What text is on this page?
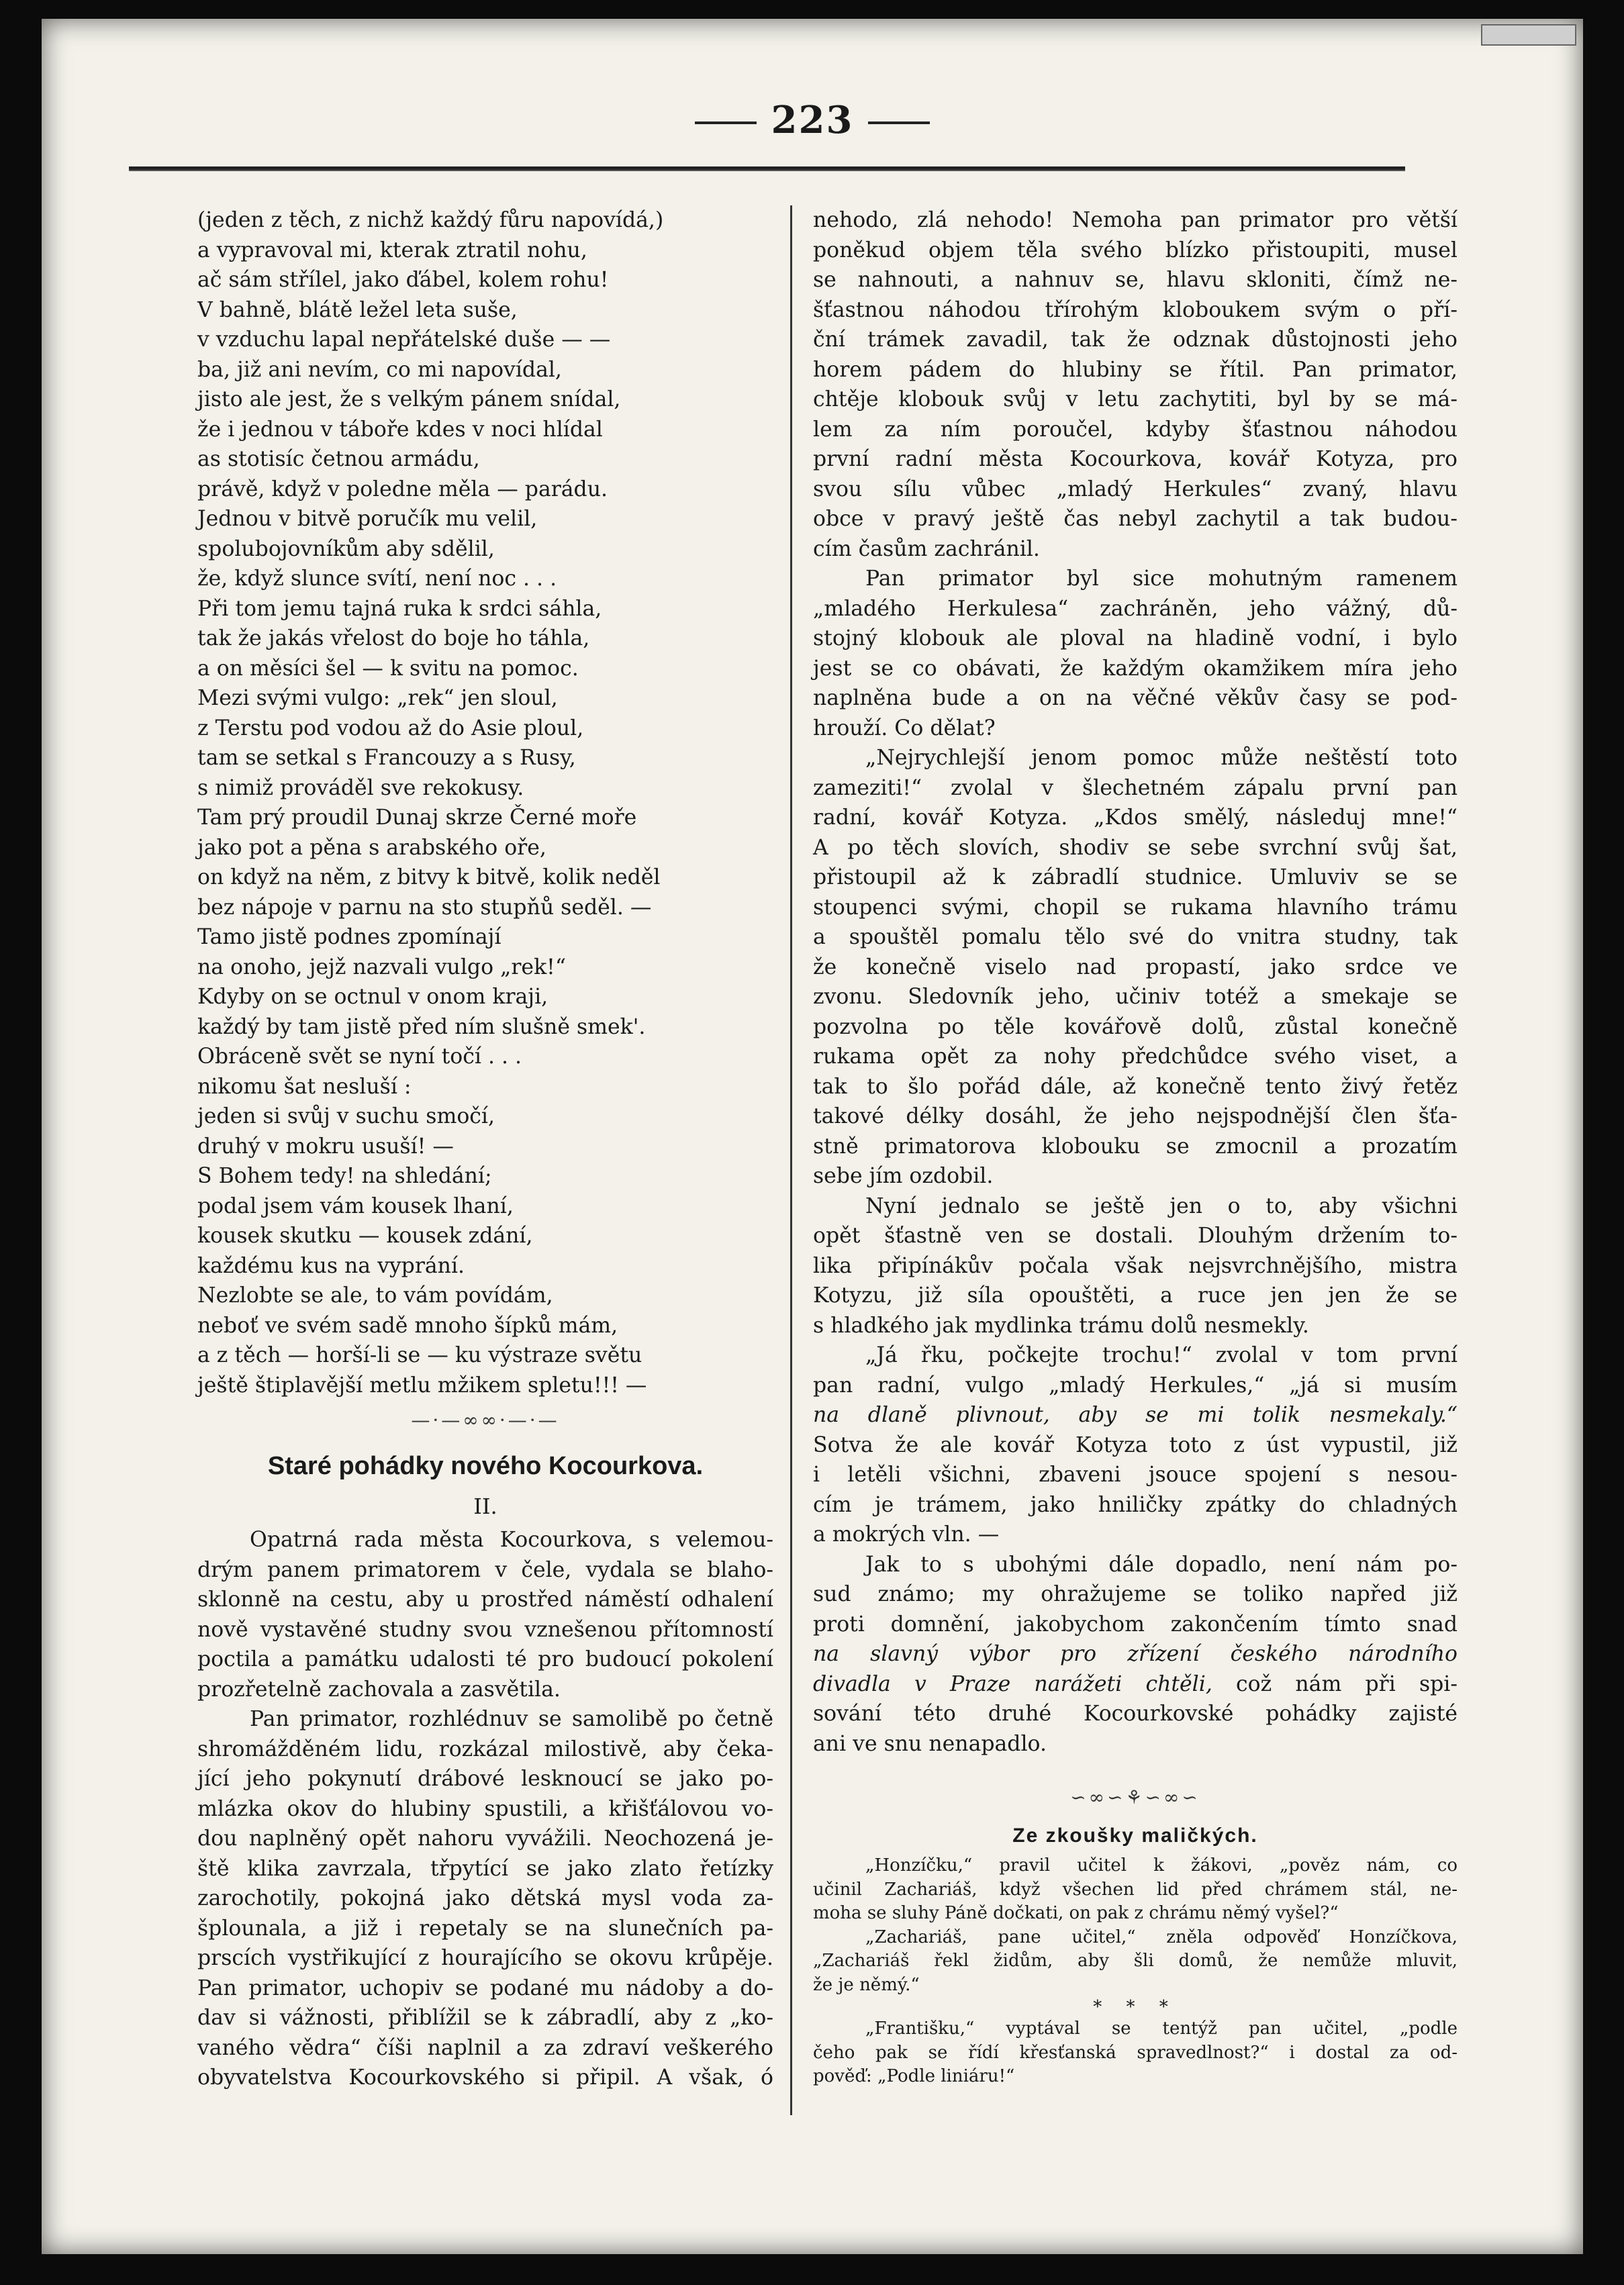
223

(jeden z těch, z nichž každý fůru napovídá,)

a vypravoval mi, kterak ztratil nohu,

ač sám střílel, jako ďábel, kolem rohu!

V bahně, blátě ležel leta suše,

v vzduchu lapal nepřátelské duše — —

ba, již ani nevím, co mi napovídal,

jisto ale jest, že s velkým pánem snídal,

že i jednou v táboře kdes v noci hlídal

as stotisíc četnou armádu,

právě, když v poledne měla — parádu.

Jednou v bitvě poručík mu velil,

spolubojovníkům aby sdělil,

že, když slunce svítí, není noc . . .

Při tom jemu tajná ruka k srdci sáhla,

tak že jakás vřelost do boje ho táhla,

a on měsíci šel — k svitu na pomoc.

Mezi svými vulgo: „rek“ jen sloul,

z Terstu pod vodou až do Asie ploul,

tam se setkal s Francouzy a s Rusy,

s nimiž prováděl sve rekokusy.

Tam prý proudil Dunaj skrze Černé moře

jako pot a pěna s arabského oře,

on když na něm, z bitvy k bitvě, kolik neděl

bez nápoje v parnu na sto stupňů seděl. —

Tamo jistě podnes zpomínají

na onoho, jejž nazvali vulgo „rek!“

Kdyby on se octnul v onom kraji,

každý by tam jistě před ním slušně smek'.

Obráceně svět se nyní točí . . .

nikomu šat nesluší :

jeden si svůj v suchu smočí,

druhý v mokru usuší! —

S Bohem tedy! na shledání;

podal jsem vám kousek lhaní,

kousek skutku — kousek zdání,

každému kus na vyprání.

Nezlobte se ale, to vám povídám,

neboť ve svém sadě mnoho šípků mám,

a z těch — horší-li se — ku výstraze světu

ještě štiplavější metlu mžikem spletu!!! —

—·—∞∞·—·—
Staré pohádky nového Kocourkova.
II.

Opatrná rada města Kocourkova, s velemou-

drým panem primatorem v čele, vydala se blaho-

sklonně na cestu, aby u prostřed náměstí odhalení

nově vystavěné studny svou vznešenou přítomností

poctila a památku udalosti té pro budoucí pokolení

prozřetelně zachovala a zasvětila.

Pan primator, rozhlédnuv se samolibě po četně

shromážděném lidu, rozkázal milostivě, aby čeka-

jící jeho pokynutí drábové lesknoucí se jako po-

mlázka okov do hlubiny spustili, a křišťálovou vo-

dou naplněný opět nahoru vyvážili. Neochozená je-

ště klika zavrzala, třpytící se jako zlato řetízky

zarochotily, pokojná jako dětská mysl voda za-

šplounala, a již i repetaly se na slunečních pa-

prscích vystřikující z hourajícího se okovu krůpěje.

Pan primator, uchopiv se podané mu nádoby a do-

dav si vážnosti, přiblížil se k zábradlí, aby z „ko-

vaného vědra“ číši naplnil a za zdraví veškerého

obyvatelstva Kocourkovského si připil. A však, ó

nehodo, zlá nehodo! Nemoha pan primator pro větší

poněkud objem těla svého blízko přistoupiti, musel

se nahnouti, a nahnuv se, hlavu skloniti, čímž ne-

šťastnou náhodou třírohým kloboukem svým o pří-

ční trámek zavadil, tak že odznak důstojnosti jeho

horem pádem do hlubiny se řítil. Pan primator,

chtěje klobouk svůj v letu zachytiti, byl by se má-

lem za ním poroučel, kdyby šťastnou náhodou

první radní města Kocourkova, kovář Kotyza, pro

svou sílu vůbec „mladý Herkules“ zvaný, hlavu

obce v pravý ještě čas nebyl zachytil a tak budou-

cím časům zachránil.

Pan primator byl sice mohutným ramenem

„mladého Herkulesa“ zachráněn, jeho vážný, dů-

stojný klobouk ale ploval na hladině vodní, i bylo

jest se co obávati, že každým okamžikem míra jeho

naplněna bude a on na věčné věkův časy se pod-

hrouží. Co dělat?

„Nejrychlejší jenom pomoc může neštěstí toto

zameziti!“ zvolal v šlechetném zápalu první pan

radní, kovář Kotyza. „Kdos smělý, následuj mne!“

A po těch slovích, shodiv se sebe svrchní svůj šat,

přistoupil až k zábradlí studnice. Umluviv se se

stoupenci svými, chopil se rukama hlavního trámu

a spouštěl pomalu tělo své do vnitra studny, tak

že konečně viselo nad propastí, jako srdce ve

zvonu. Sledovník jeho, učiniv totéž a smekaje se

pozvolna po těle kovářově dolů, zůstal konečně

rukama opět za nohy předchůdce svého viset, a

tak to šlo pořád dále, až konečně tento živý řetěz

takové délky dosáhl, že jeho nejspodnější člen šťa-

stně primatorova klobouku se zmocnil a prozatím

sebe jím ozdobil.

Nyní jednalo se ještě jen o to, aby všichni

opět šťastně ven se dostali. Dlouhým držením to-

lika připínákův počala však nejsvrchnějšího, mistra

Kotyzu, již síla opouštěti, a ruce jen jen že se

s hladkého jak mydlinka trámu dolů nesmekly.

„Já řku, počkejte trochu!“ zvolal v tom první

pan radní, vulgo „mladý Herkules,“ „já si musím

na dlaně plivnout, aby se mi tolik nesmekaly.“

Sotva že ale kovář Kotyza toto z úst vypustil, již

i letěli všichni, zbaveni jsouce spojení s nesou-

cím je trámem, jako hniličky zpátky do chladných

a mokrých vln. —

Jak to s ubohými dále dopadlo, není nám po-

sud známo; my ohražujeme se toliko napřed již

proti domnění, jakobychom zakončením tímto snad

na slavný výbor pro zřízení českého národního

divadla v Praze narážeti chtěli, což nám při spi-

sování této druhé Kocourkovské pohádky zajisté

ani ve snu nenapadlo.

∽∞∽⚘∽∞∽
Ze zkoušky maličkých.

„Honzíčku,“ pravil učitel k žákovi, „pověz nám, co

učinil Zachariáš, když všechen lid před chrámem stál, ne-

moha se sluhy Páně dočkati, on pak z chrámu němý vyšel?“

„Zachariáš, pane učitel,“ zněla odpověď Honzíčkova,

„Zachariáš řekl židům, aby šli domů, že nemůže mluvit,

že je němý.“

* * *

„Františku,“ vyptával se tentýž pan učitel, „podle

čeho pak se řídí křesťanská spravedlnost?“ i dostal za od-

pověď: „Podle liniáru!“
